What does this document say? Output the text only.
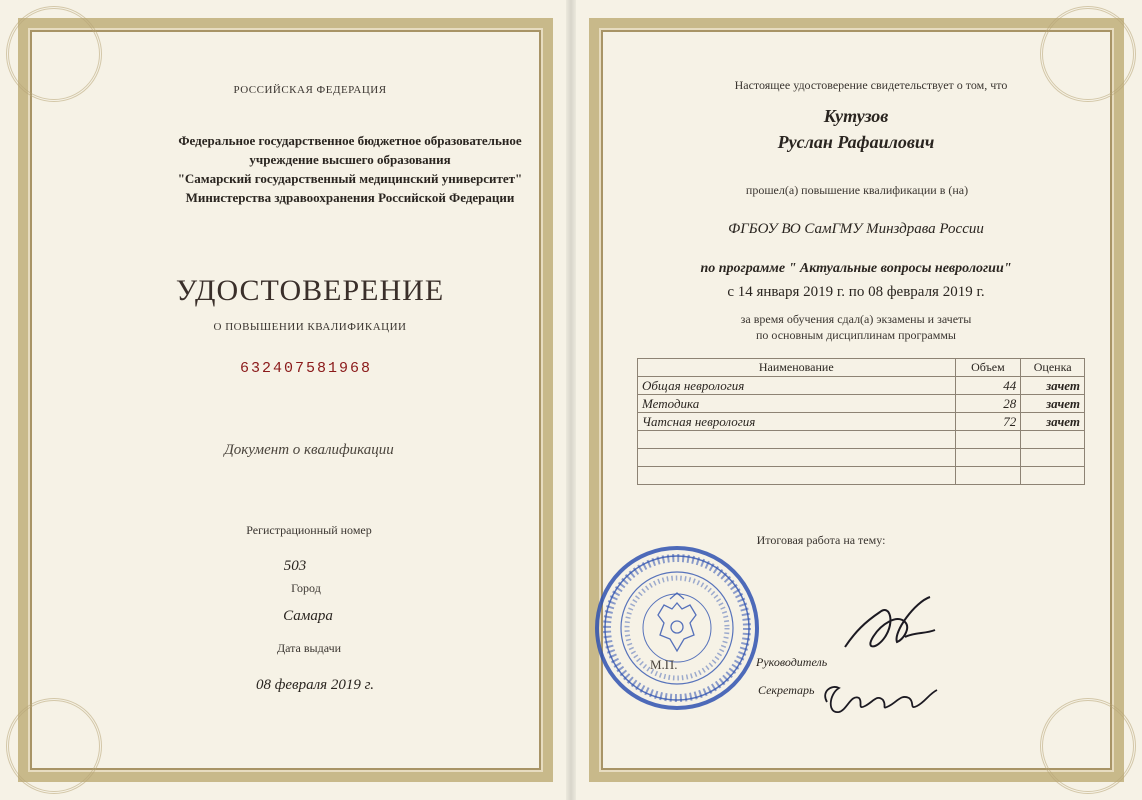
РОССИЙСКАЯ ФЕДЕРАЦИЯ
Федеральное государственное бюджетное образовательное
учреждение высшего образования
"Самарский государственный медицинский университет"
Министерства здравоохранения Российской Федерации
УДОСТОВЕРЕНИЕ
О ПОВЫШЕНИИ КВАЛИФИКАЦИИ
632407581968
Документ о квалификации
Регистрационный номер
503
Город
Самара
Дата выдачи
08 февраля 2019 г.
Настоящее удостоверение свидетельствует о том, что
Кутузов
Руслан Рафаилович
прошел(а) повышение квалификации в (на)
ФГБОУ ВО СамГМУ Минздрава России
по программе " Актуальные вопросы неврологии"
с 14 января 2019 г. по 08 февраля 2019 г.
за время обучения сдал(а) экзамены и зачеты
по основным дисциплинам программы
Наименование	Объем	Оценка
Общая неврология	44	зачет
Методика	28	зачет
Чатсная неврология	72	зачет

Итоговая работа на тему:
М.П.	Руководитель
Секретарь
